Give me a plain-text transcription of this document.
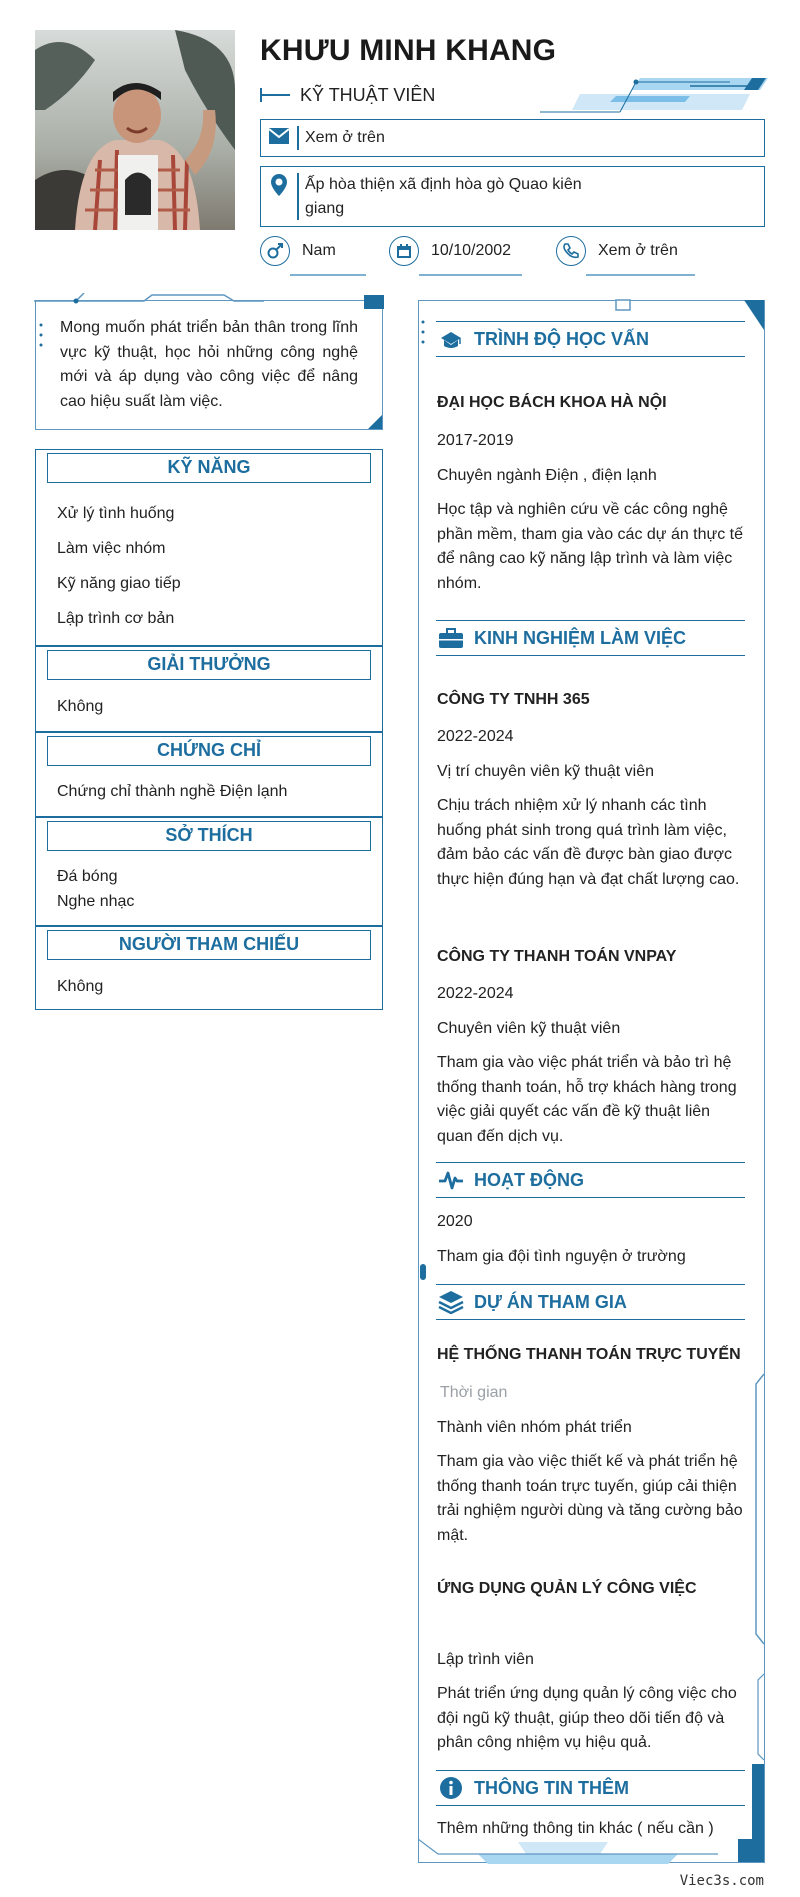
KHƯU MINH KHANG
KỸ THUẬT VIÊN
Xem ở trên
Ấp hòa thiện xã định hòa gò Quao kiên giang
Nam	10/10/2002	Xem ở trên
Mong muốn phát triển bản thân trong lĩnh vực kỹ thuật, học hỏi những công nghệ mới và áp dụng vào công việc để nâng cao hiệu suất làm việc.
KỸ NĂNG
Xử lý tình huống
Làm việc nhóm
Kỹ năng giao tiếp
Lập trình cơ bản
GIẢI THƯỞNG
Không
CHỨNG CHỈ
Chứng chỉ thành nghề Điện lạnh
SỞ THÍCH
Đá bóng
Nghe nhạc
NGƯỜI THAM CHIẾU
Không
TRÌNH ĐỘ HỌC VẤN
ĐẠI HỌC BÁCH KHOA HÀ NỘI
2017-2019
Chuyên ngành Điện , điện lạnh
Học tập và nghiên cứu về các công nghệ phần mềm, tham gia vào các dự án thực tế để nâng cao kỹ năng lập trình và làm việc nhóm.
KINH NGHIỆM LÀM VIỆC
CÔNG TY TNHH 365
2022-2024
Vị trí chuyên viên kỹ thuật viên
Chịu trách nhiệm xử lý nhanh các tình huống phát sinh trong quá trình làm việc, đảm bảo các vấn đề được bàn giao được thực hiện đúng hạn và đạt chất lượng cao.
CÔNG TY THANH TOÁN VNPAY
2022-2024
Chuyên viên kỹ thuật viên
Tham gia vào việc phát triển và bảo trì hệ thống thanh toán, hỗ trợ khách hàng trong việc giải quyết các vấn đề kỹ thuật liên quan đến dịch vụ.
HOẠT ĐỘNG
2020
Tham gia đội tình nguyện ở trường
DỰ ÁN THAM GIA
HỆ THỐNG THANH TOÁN TRỰC TUYẾN
Thời gian
Thành viên nhóm phát triển
Tham gia vào việc thiết kế và phát triển hệ thống thanh toán trực tuyến, giúp cải thiện trải nghiệm người dùng và tăng cường bảo mật.
ỨNG DỤNG QUẢN LÝ CÔNG VIỆC
Lập trình viên
Phát triển ứng dụng quản lý công việc cho đội ngũ kỹ thuật, giúp theo dõi tiến độ và phân công nhiệm vụ hiệu quả.
THÔNG TIN THÊM
Thêm những thông tin khác ( nếu cần )
Viec3s.com
